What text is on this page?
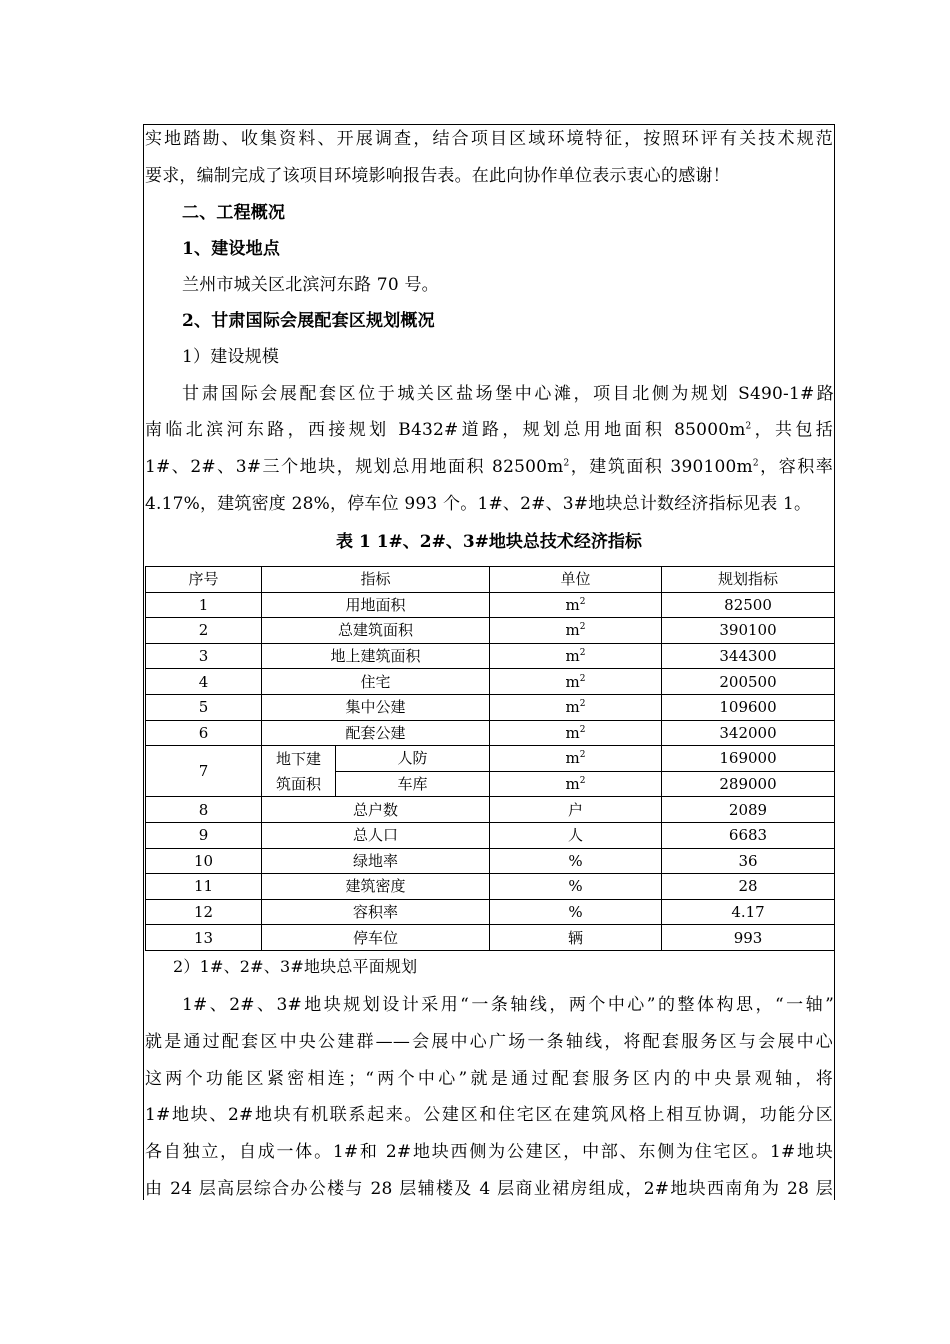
实地踏勘、收集资料、开展调查，结合项目区域环境特征，按照环评有关技术规范
要求，编制完成了该项目环境影响报告表。在此向协作单位表示衷心的感谢！
二、工程概况
1、建设地点
兰州市城关区北滨河东路 70 号。
2、甘肃国际会展配套区规划概况
1）建设规模
甘肃国际会展配套区位于城关区盐场堡中心滩，项目北侧为规划 S490-1#路
南临北滨河东路，西接规划 B432#道路，规划总用地面积 $85000m^2$，共包括
1#、2#、3#三个地块，规划总用地面积 $82500m^2$，建筑面积 $390100m^2$，容积率
4.17%，建筑密度 28%，停车位 993 个。1#、2#、3#地块总计数经济指标见表 1。
表 1 1#、2#、3#地块总技术经济指标
序号	指标		单位	规划指标
1	用地面积		$m^2$	82500
2	总建筑面积		$m^2$	390100
3	地上建筑面积		$m^2$	344300
4	住宅		$m^2$	200500
5	集中公建		$m^2$	109600
6	配套公建		$m^2$	342000
7	地下建
筑面积	人防	$m^2$	169000
		车库	$m^2$	289000
8	总户数		户	2089
9	总人口		人	6683
10	绿地率		%	36
11	建筑密度		%	28
12	容积率		%	4.17
13	停车位		辆	993
2）1#、2#、3#地块总平面规划
1#、2#、3#地块规划设计采用“一条轴线，两个中心”的整体构思，“一轴”
就是通过配套区中央公建群——会展中心广场一条轴线，将配套服务区与会展中心
这两个功能区紧密相连；“两个中心”就是通过配套服务区内的中央景观轴，将
1#地块、2#地块有机联系起来。公建区和住宅区在建筑风格上相互协调，功能分区
各自独立，自成一体。1#和 2#地块西侧为公建区，中部、东侧为住宅区。1#地块
由 24 层高层综合办公楼与 28 层辅楼及 4 层商业裙房组成，2#地块西南角为 28 层
